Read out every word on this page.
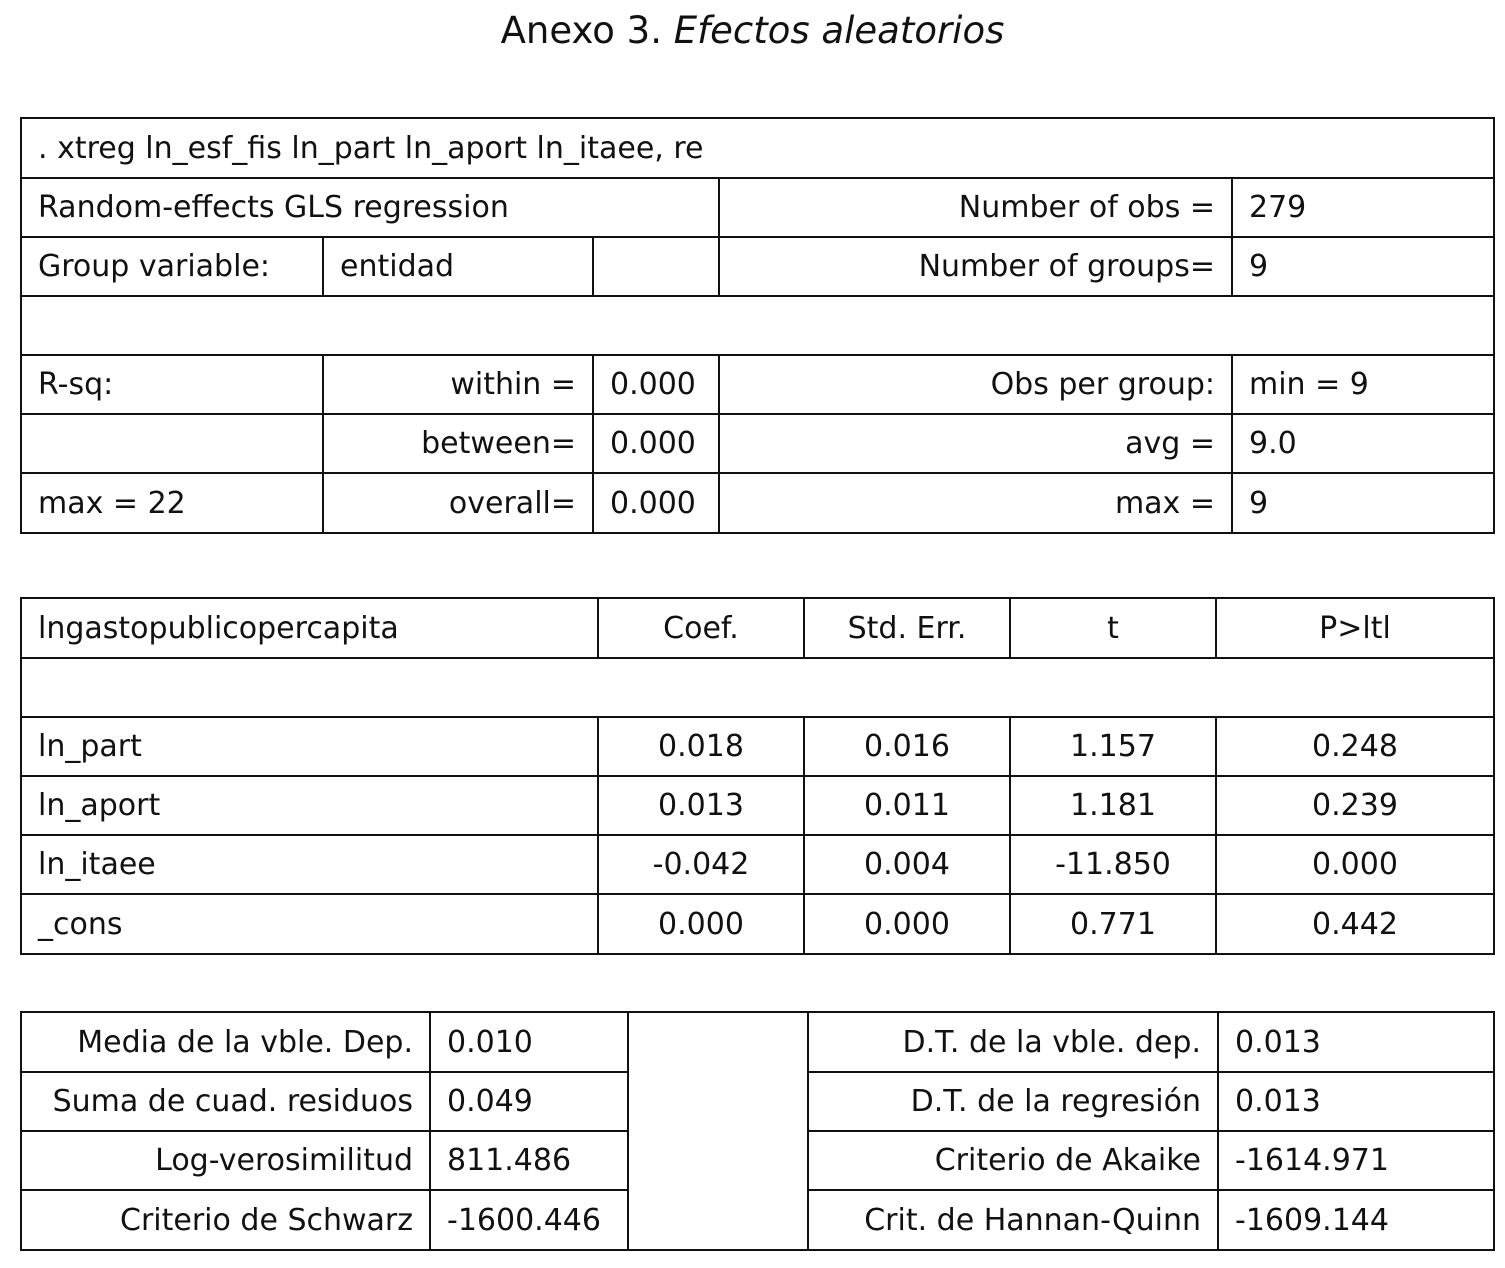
Anexo 3. Efectos aleatorios
. xtreg ln_esf_fis ln_part ln_aport ln_itaee, re				
Random-effects GLS regression			Number of obs =	279
Group variable:	entidad		Number of groups=	9

R-sq:	within =	0.000	Obs per group:	min = 9
	between=	0.000	avg =	9.0
max = 22	overall=	0.000	max =	9
lngastopublicopercapita	Coef.	Std. Err.	t	P>ltl

ln_part	0.018	0.016	1.157	0.248
ln_aport	0.013	0.011	1.181	0.239
ln_itaee	-0.042	0.004	-11.850	0.000
_cons	0.000	0.000	0.771	0.442
Media de la vble. Dep.	0.010		D.T. de la vble. dep.	0.013
Suma de cuad. residuos	0.049		D.T. de la regresión	0.013
Log-verosimilitud	811.486		Criterio de Akaike	-1614.971
Criterio de Schwarz	-1600.446		Crit. de Hannan-Quinn	-1609.144
